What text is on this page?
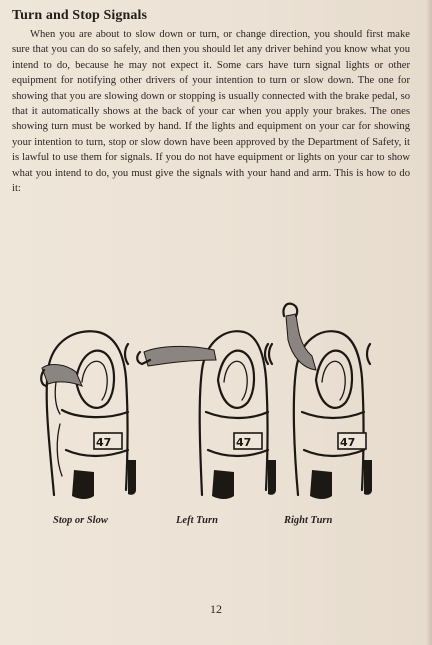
Turn and Stop Signals
When you are about to slow down or turn, or change direction, you should first make sure that you can do so safely, and then you should let any driver behind you know what you intend to do, because he may not expect it. Some cars have turn signal lights or other equipment for notifying other drivers of your intention to turn or slow down. The one for showing that you are slowing down or stopping is usually connected with the brake pedal, so that it automatically shows at the back of your car when you apply your brakes. The ones showing turn must be worked by hand. If the lights and equipment on your car for showing your intention to turn, stop or slow down have been approved by the Department of Safety, it is lawful to use them for signals. If you do not have equipment or lights on your car to show what you intend to do, you must give the signals with your hand and arm. This is how to do it:
47	47	47
Stop or Slow	Left Turn	Right Turn
12
